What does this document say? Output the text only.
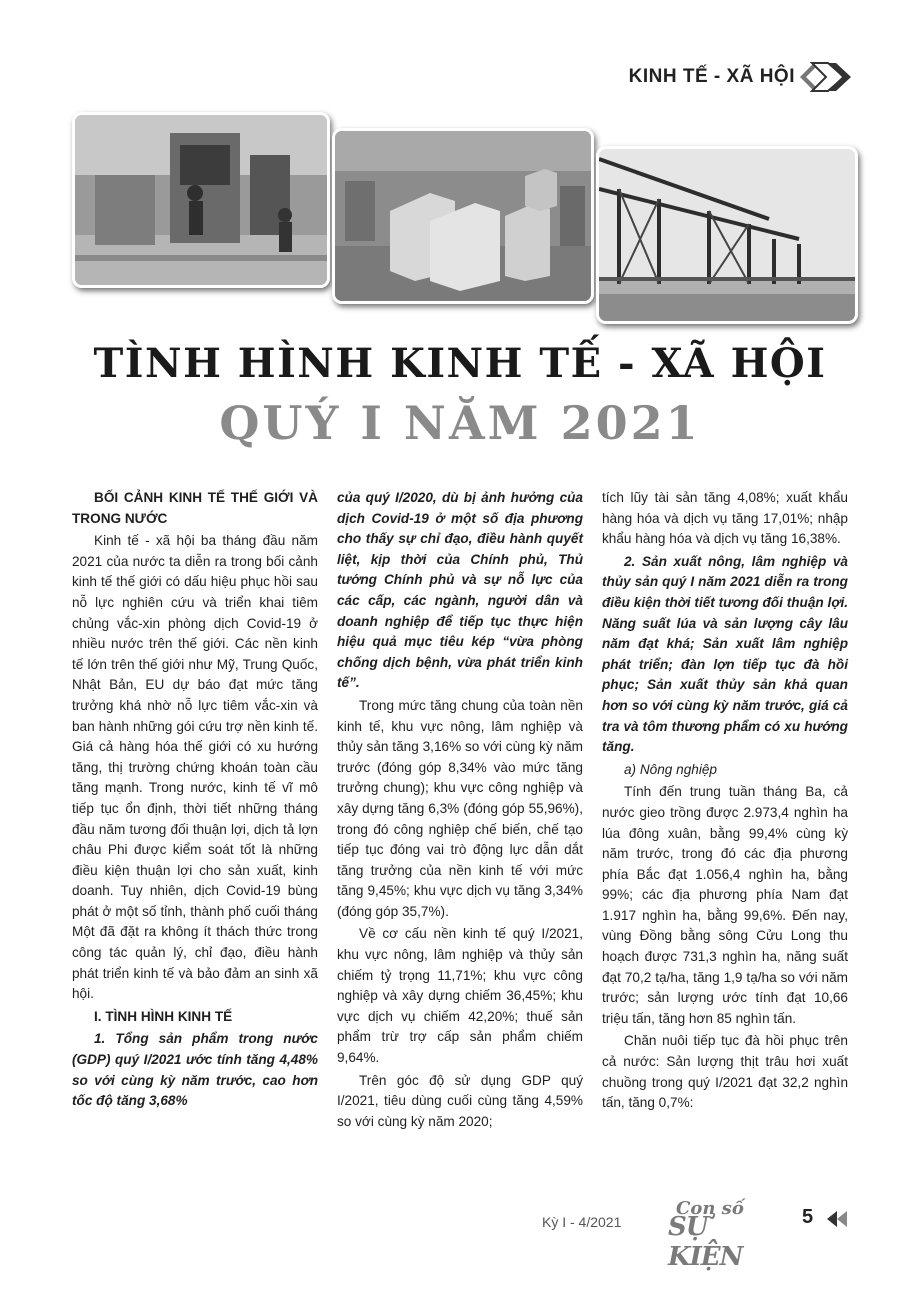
KINH TẾ - XÃ HỘI
TÌNH HÌNH KINH TẾ - XÃ HỘI
QUÝ I NĂM 2021

BỐI CẢNH KINH TẾ THẾ GIỚI VÀ TRONG NƯỚC

Kinh tế - xã hội ba tháng đầu năm 2021 của nước ta diễn ra trong bối cảnh kinh tế thế giới có dấu hiệu phục hồi sau nỗ lực nghiên cứu và triển khai tiêm chủng vắc-xin phòng dịch Covid-19 ở nhiều nước trên thế giới. Các nền kinh tế lớn trên thế giới như Mỹ, Trung Quốc, Nhật Bản, EU dự báo đạt mức tăng trưởng khá nhờ nỗ lực tiêm vắc-xin và ban hành những gói cứu trợ nền kinh tế. Giá cả hàng hóa thế giới có xu hướng tăng, thị trường chứng khoán toàn cầu tăng mạnh. Trong nước, kinh tế vĩ mô tiếp tục ổn định, thời tiết những tháng đầu năm tương đối thuận lợi, dịch tả lợn châu Phi được kiểm soát tốt là những điều kiện thuận lợi cho sản xuất, kinh doanh. Tuy nhiên, dịch Covid-19 bùng phát ở một số tỉnh, thành phố cuối tháng Một đã đặt ra không ít thách thức trong công tác quản lý, chỉ đạo, điều hành phát triển kinh tế và bảo đảm an sinh xã hội.

I. TÌNH HÌNH KINH TẾ

1. Tổng sản phẩm trong nước (GDP) quý I/2021 ước tính tăng 4,48% so với cùng kỳ năm trước, cao hơn tốc độ tăng 3,68%

của quý I/2020, dù bị ảnh hưởng của dịch Covid-19 ở một số địa phương cho thấy sự chỉ đạo, điều hành quyết liệt, kịp thời của Chính phủ, Thủ tướng Chính phủ và sự nỗ lực của các cấp, các ngành, người dân và doanh nghiệp để tiếp tục thực hiện hiệu quả mục tiêu kép “vừa phòng chống dịch bệnh, vừa phát triển kinh tế”.

Trong mức tăng chung của toàn nền kinh tế, khu vực nông, lâm nghiệp và thủy sản tăng 3,16% so với cùng kỳ năm trước (đóng góp 8,34% vào mức tăng trưởng chung); khu vực công nghiệp và xây dựng tăng 6,3% (đóng góp 55,96%), trong đó công nghiệp chế biến, chế tạo tiếp tục đóng vai trò động lực dẫn dắt tăng trưởng của nền kinh tế với mức tăng 9,45%; khu vực dịch vụ tăng 3,34% (đóng góp 35,7%).

Về cơ cấu nền kinh tế quý I/2021, khu vực nông, lâm nghiệp và thủy sản chiếm tỷ trọng 11,71%; khu vực công nghiệp và xây dựng chiếm 36,45%; khu vực dịch vụ chiếm 42,20%; thuế sản phẩm trừ trợ cấp sản phẩm chiếm 9,64%.

Trên góc độ sử dụng GDP quý I/2021, tiêu dùng cuối cùng tăng 4,59% so với cùng kỳ năm 2020;

tích lũy tài sản tăng 4,08%; xuất khẩu hàng hóa và dịch vụ tăng 17,01%; nhập khẩu hàng hóa và dịch vụ tăng 16,38%.

2. Sản xuất nông, lâm nghiệp và thủy sản quý I năm 2021 diễn ra trong điều kiện thời tiết tương đối thuận lợi. Năng suất lúa và sản lượng cây lâu năm đạt khá; Sản xuất lâm nghiệp phát triển; đàn lợn tiếp tục đà hồi phục; Sản xuất thủy sản khả quan hơn so với cùng kỳ năm trước, giá cả tra và tôm thương phẩm có xu hướng tăng.

a) Nông nghiệp

Tính đến trung tuần tháng Ba, cả nước gieo trồng được 2.973,4 nghìn ha lúa đông xuân, bằng 99,4% cùng kỳ năm trước, trong đó các địa phương phía Bắc đạt 1.056,4 nghìn ha, bằng 99%; các địa phương phía Nam đạt 1.917 nghìn ha, bằng 99,6%. Đến nay, vùng Đồng bằng sông Cửu Long thu hoạch được 731,3 nghìn ha, năng suất đạt 70,2 tạ/ha, tăng 1,9 tạ/ha so với năm trước; sản lượng ước tính đạt 10,66 triệu tấn, tăng hơn 85 nghìn tấn.

Chăn nuôi tiếp tục đà hồi phục trên cả nước: Sản lượng thịt trâu hơi xuất chuồng trong quý I/2021 đạt 32,2 nghìn tấn, tăng 0,7%:

Kỳ I - 4/2021
Con số
SỰ KIỆN
5
